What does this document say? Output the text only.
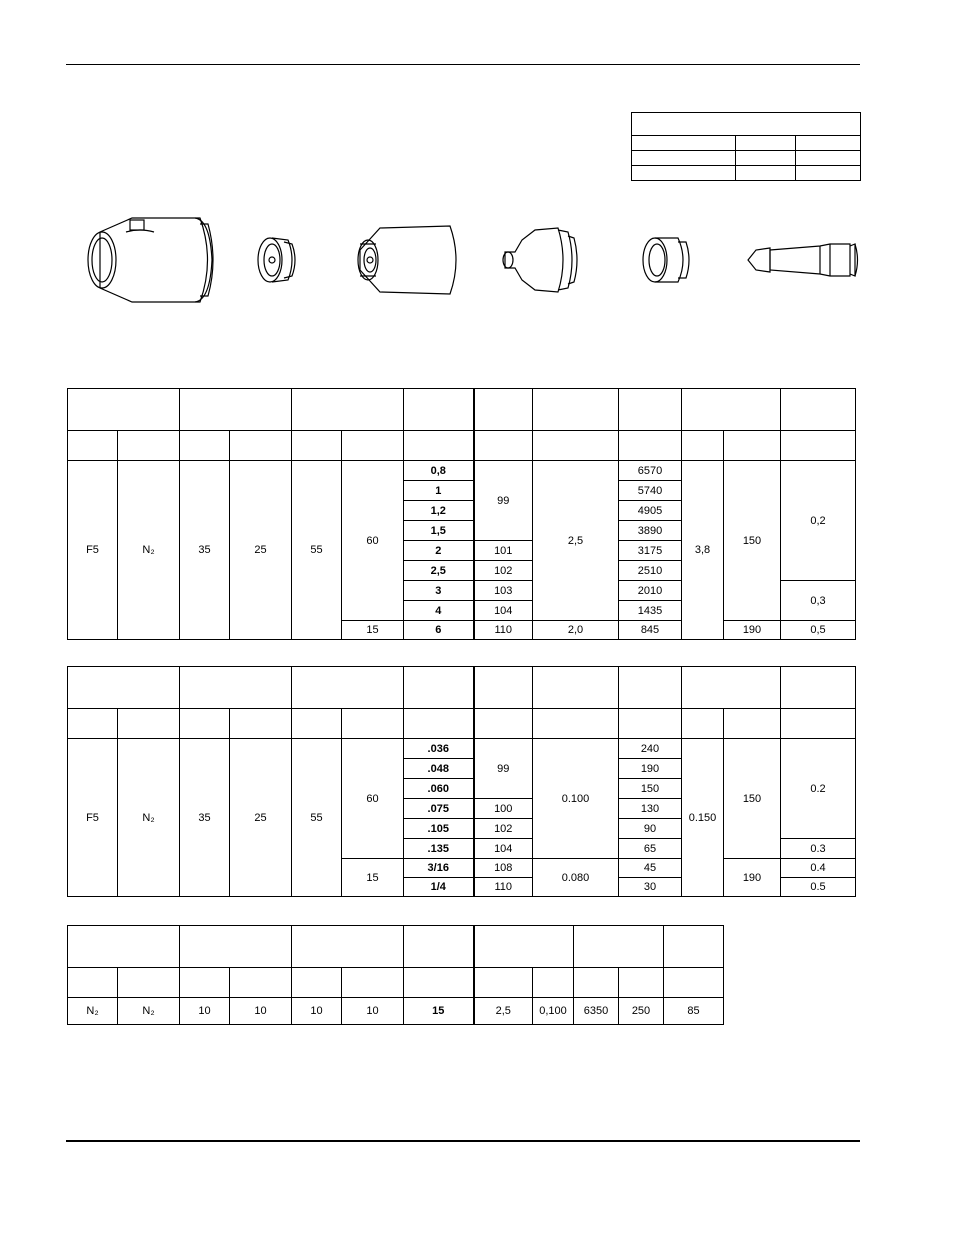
F5	N₂	35	25	55	60	0,8	99	2,5	6570	3,8	150	0,2
						1			5740			
						1,2			4905			
						1,5			3890			
						2	101		3175			
						2,5	102		2510			
						3	103		2010			0,3
						4	104		1435			
					15	6	110	2,0	845		190	0,5

F5	N₂	35	25	55	60	.036	99	0.100	240	0.150	150	0.2
						.048			190			
						.060			150			
						.075	100		130			
						.105	102		90			
						.135	104		65			0.3
					15	3/16	108	0.080	45		190	0.4
						1/4	110		30			0.5

N₂	N₂	10	10	10	10	15	2,5	0,100	6350	250	85
